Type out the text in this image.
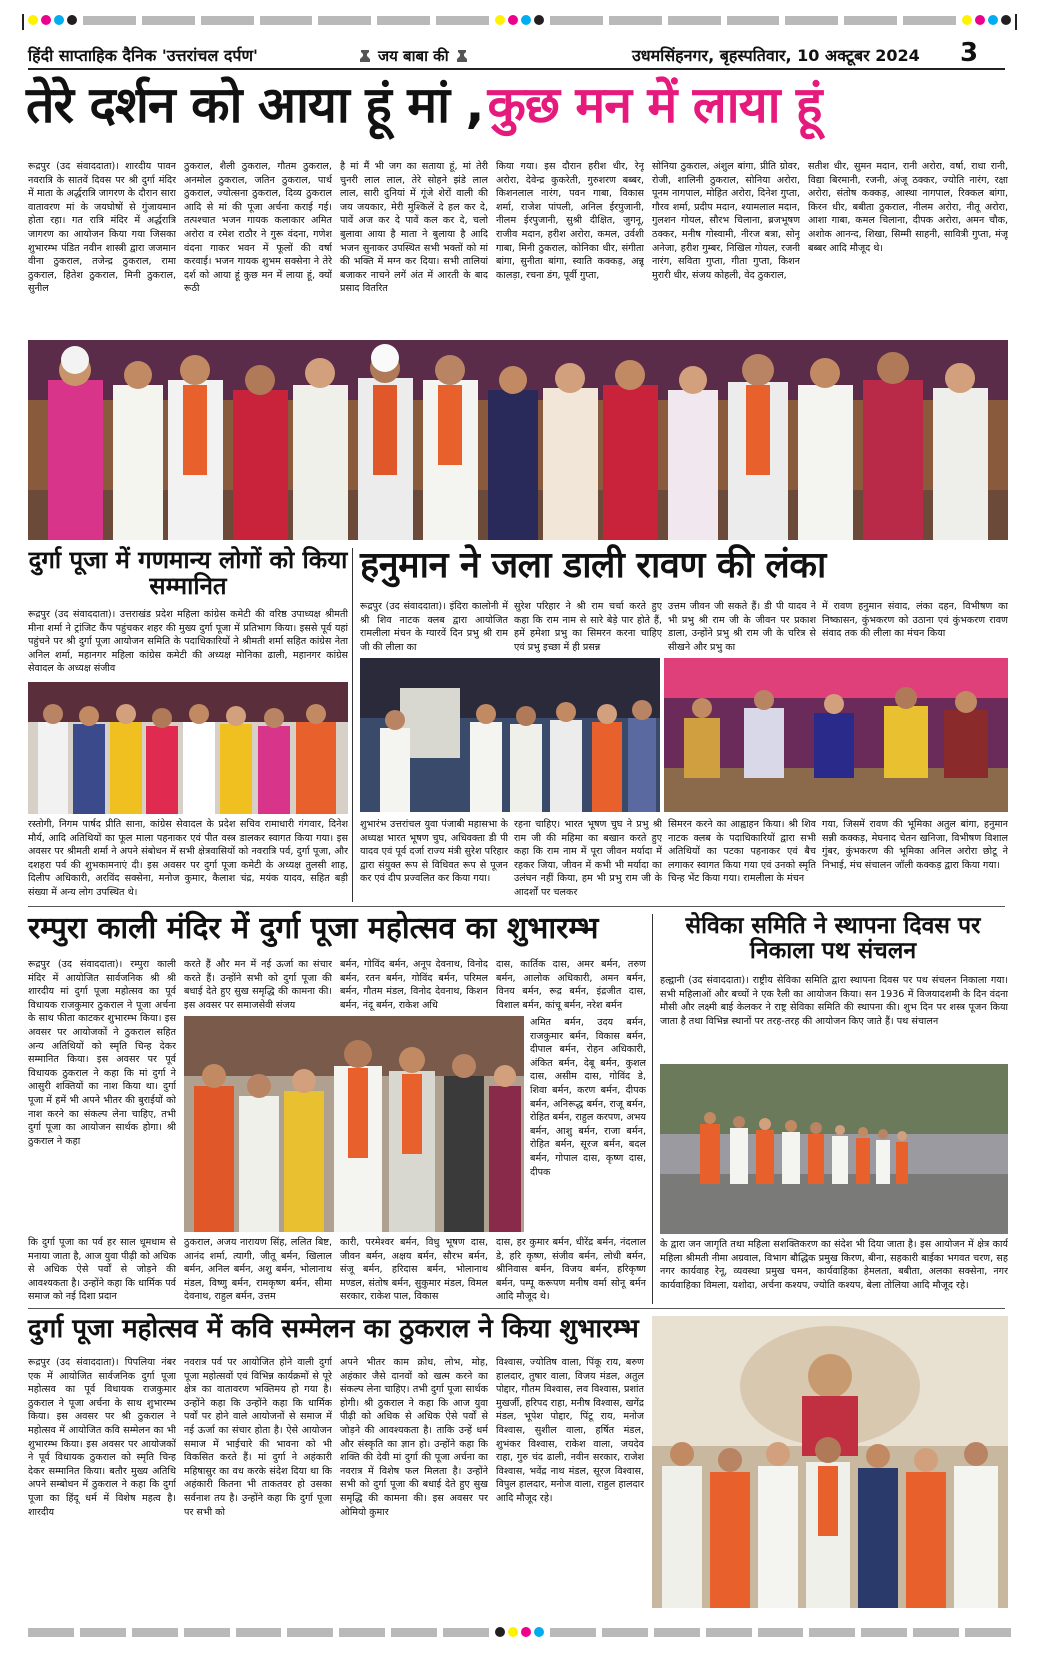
हिंदी साप्ताहिक दैनिक 'उत्तरांचल दर्पण'	जय बाबा की	उधमसिंहनगर, बृहस्पतिवार, 10 अक्टूबर 2024 3
तेरे दर्शन को आया हूं मां ,कुछ मन में लाया हूं
रूद्रपुर (उद संवाददाता)। शारदीय पावन नवरात्रि के सातवें दिवस पर श्री दुर्गा मंदिर में माता के अर्द्धरात्रि जागरण के दौरान सारा वातावरण मां के जयघोषों से गुंजायमान होता रहा। गत रात्रि मंदिर में अर्द्धरात्रि जागरण का आयोजन किया गया जिसका शुभारम्भ पंडित नवीन शास्त्री द्वारा जजमान वीना ठुकराल, तजेन्द्र ठुकराल, रामा ठुकराल, हितेश ठुकराल, मिनी ठुकराल, सुनील
ठुकराल, शैली ठुकराल, गौतम ठुकराल, अनमोल ठुकराल, जतिन ठुकराल, पार्थ ठुकराल, ज्योत्सना ठुकराल, दिव्य ठुकराल आदि से मां की पूजा अर्चना कराई गई। तत्पश्चात भजन गायक कलाकार अमित अरोरा व रमेश राठौर ने गुरू वंदना, गणेश वंदना गाकर भवन में फूलों की वर्षा करवाई। भजन गायक शुभम सक्सेना ने तेरे दर्श को आया हूं कुछ मन में लाया हूं, क्यों रूठी
है मां मैं भी जग का सताया हूं, मां तेरी चुनरी लाल लाल, तेरे सोहने झंडे लाल लाल, सारी दुनियां में गूंजे शेरों वाली की जय जयकार, मेरी मुश्किलें दे हल कर दे, पावें अज कर दे पावें कल कर दे, चलो बुलावा आया है माता ने बुलाया है आदि भजन सुनाकर उपस्थित सभी भक्तों को मां की भक्ति में मग्न कर दिया। सभी तालियां बजाकर नाचने लगें अंत में आरती के बाद प्रसाद वितरित
किया गया। इस दौरान हरीश धीर, रेनू अरोरा, देवेन्द्र कुकरेती, गुरुशरण बब्बर, किशनलाल नारंग, पवन गाबा, विकास शर्मा, राजेश पांपली, अनिल ईरपुजानी, नीलम ईरपुजानी, सुश्री दीक्षित, जुगनू, राजीव मदान, हरीश अरोरा, कमल, उर्वशी गाबा, मिनी ठुकराल, कोनिका धीर, संगीता बांगा, सुनीता बांगा, स्वाति कक्कड़, अन्नू कालड़ा, रचना डंग, पूर्वी गुप्ता,
सोनिया ठुकराल, अंशुल बांगा, प्रीति ग्रोवर, रोजी, शालिनी ठुकराल, सोनिया अरोरा, पूनम नागपाल, मोहित अरोरा, दिनेश गुप्ता, गौरव शर्मा, प्रदीप मदान, श्यामलाल मदान, गुलशन गोयल, सौरभ चिलाना, ब्रजभूषण ठक्कर, मनीष गोस्वामी, नीरज बत्रा, सोनू अनेजा, हरीश गुम्बर, निखिल गोयल, रजनी नारंग, सविता गुप्ता, गीता गुप्ता, किशन मुरारी धीर, संजय कोहली, वेद ठुकराल,
सतीश धीर, सुमन मदान, रानी अरोरा, वर्षा, राधा रानी, विद्या बिरमानी, रजनी, अंजू ठक्कर, ज्योति नारंग, रक्षा अरोरा, संतोष कक्कड़, आस्था नागपाल, रिक्कल बांगा, किरन धीर, बबीता ठुकराल, नीलम अरोरा, नीतू अरोरा, आशा गाबा, कमल चिलाना, दीपक अरोरा, अमन चौक, अशोक आनन्द, शिखा, सिम्मी साहनी, सावित्री गुप्ता, मंजू बब्बर आदि मौजूद थे।
दुर्गा पूजा में गणमान्य लोगों को किया सम्मानित
रूद्रपुर (उद संवाददाता)। उत्तराखंड प्रदेश महिला कांग्रेस कमेटी की वरिष्ठ उपाध्यक्ष श्रीमती मीना शर्मा ने ट्रांजिट कैंप पहुंचकर शहर की मुख्य दुर्गा पूजा में प्रतिभाग किया। इससे पूर्व यहां पहुंचने पर श्री दुर्गा पूजा आयोजन समिति के पदाधिकारियों ने श्रीमती शर्मा सहित कांग्रेस नेता अनिल शर्मा, महानगर महिला कांग्रेस कमेटी की अध्यक्ष मोनिका ढाली, महानगर कांग्रेस सेवादल के अध्यक्ष संजीव
रस्तोगी, निगम पार्षद प्रीति साना, कांग्रेस सेवादल के प्रदेश सचिव रामाधारी गंगवार, दिनेश मौर्य, आदि अतिथियों का फूल माला पहनाकर एवं पीत वस्त्र डालकर स्वागत किया गया। इस अवसर पर श्रीमती शर्मा ने अपने संबोधन में सभी क्षेत्रवासियों को नवरात्रि पर्व, दुर्गा पूजा, और दशहरा पर्व की शुभकामनाएं दी। इस अवसर पर दुर्गा पूजा कमेटी के अध्यक्ष तुलसी शाह, दिलीप अधिकारी, अरविंद सक्सेना, मनोज कुमार, कैलाश चंद्र, मयंक यादव, सहित बड़ी संख्या में अन्य लोग उपस्थित थे।
हनुमान ने जला डाली रावण की लंका
रूद्रपुर (उद संवाददाता)। इंदिरा कालोनी में श्री शिव नाटक क्लब द्वारा आयोजित रामलीला मंचन के ग्यारवें दिन प्रभु श्री राम जी की लीला का
सुरेश परिहार ने श्री राम चर्चा करते हुए कहा कि राम नाम से सारे बेड़े पार होते हैं, हमें हमेशा प्रभु का सिमरन करना चाहिए एवं प्रभु इच्छा में ही प्रसन्न
उत्तम जीवन जी सकते हैं। डी पी यादव ने भी प्रभु श्री राम जी के जीवन पर प्रकाश डाला, उन्होंने प्रभु श्री राम जी के चरित्र से सीखने और प्रभु का
में रावण हनुमान संवाद, लंका दहन, विभीषण का निष्कासन, कुंभकरण को उठाना एवं कुंभकरण रावण संवाद तक की लीला का मंचन किया
शुभारंभ उत्तरांचल युवा पंजाबी महासभा के अध्यक्ष भारत भूषण चुघ, अधिवक्ता डी पी यादव एवं पूर्व दर्जा राज्य मंत्री सुरेश परिहार द्वारा संयुक्त रूप से विधिवत रूप से पूजन कर एवं दीप प्रज्वलित कर किया गया।
रहना चाहिए। भारत भूषण चुघ ने प्रभु श्री राम जी की महिमा का बखान करते हुए कहा कि राम नाम में पूरा जीवन मर्यादा में रहकर जिया, जीवन में कभी भी मर्यादा का उलंघन नहीं किया, हम भी प्रभु राम जी के आदर्शों पर चलकर
सिमरन करने का आह्वाहन किया। श्री शिव नाटक क्लब के पदाधिकारियों द्वारा सभी अतिथियों का पटका पहनाकर एवं बैच लगाकर स्वागत किया गया एवं उनको स्मृति चिन्ह भेंट किया गया। रामलीला के मंचन
गया, जिसमें रावण की भूमिका अतुल बांगा, हनुमान सन्नी कक्कड़, मेघनाद चेतन खनिजा, विभीषण विशाल गुंबर, कुंभकरण की भूमिका अनिल अरोरा छोटू ने निभाई, मंच संचालन जॉली कक्कड़ द्वारा किया गया।
रम्पुरा काली मंदिर में दुर्गा पूजा महोत्सव का शुभारम्भ
रूद्रपुर (उद संवाददाता)। रम्पुरा काली मंदिर में आयोजित सार्वजनिक श्री श्री शारदीय मां दुर्गा पूजा महोत्सव का पूर्व विधायक राजकुमार ठुकराल ने पूजा अर्चना के साथ फीता काटकर शुभारम्भ किया। इस अवसर पर आयोजकों ने ठुकराल सहित अन्य अतिथियों को स्मृति चिन्ह देकर सम्मानित किया। इस अवसर पर पूर्व विधायक ठुकराल ने कहा कि मां दुर्गा ने आसुरी शक्तियों का नाश किया था। दुर्गा पूजा में हमें भी अपने भीतर की बुराईयों को नाश करने का संकल्प लेना चाहिए, तभी दुर्गा पूजा का आयोजन सार्थक होगा। श्री ठुकराल ने कहा
करते हैं और मन में नई ऊर्जा का संचार करते हैं। उन्होंने सभी को दुर्गा पूजा की बधाई देते हुए सुख समृद्धि की कामना की। इस अवसर पर समाजसेवी संजय
बर्मन, गोविंद बर्मन, अनूप देवनाथ, विनोद बर्मन, रतन बर्मन, गोविंद बर्मन, परिमल बर्मन, गौतम मंडल, विनोद देवनाथ, किशन बर्मन, नंदू बर्मन, राकेश अधि
दास, कार्तिक दास, अमर बर्मन, तरुण बर्मन, आलोक अधिकारी, अमन बर्मन, विनय बर्मन, रूद्र बर्मन, इंद्रजीत दास, विशाल बर्मन, कांचू बर्मन, नरेश बर्मन
अमित बर्मन, उदय बर्मन, राजकुमार बर्मन, विकास बर्मन, दीपाल बर्मन, रोहन अधिकारी, अंकित बर्मन, देबू बर्मन, कुशल दास, असीम दास, गोविंद डे, शिवा बर्मन, करण बर्मन, दीपक बर्मन, अनिरूद्ध बर्मन, राजू बर्मन, रोहित बर्मन, राहुल करपण, अभय बर्मन, आशु बर्मन, राजा बर्मन, रोहित बर्मन, सूरज बर्मन, बदल बर्मन, गोपाल दास, कृष्ण दास, दीपक
कि दुर्गा पूजा का पर्व हर साल धूमधाम से मनाया जाता है, आज युवा पीढ़ी को अधिक से अधिक ऐसे पर्वों से जोड़ने की आवश्यकता है। उन्होंने कहा कि धार्मिक पर्व समाज को नई दिशा प्रदान
ठुकराल, अजय नारायण सिंह, ललित बिष्ट, आनंद शर्मा, त्यागी, जीतू बर्मन, खिलाल बर्मन, अनिल बर्मन, अशु बर्मन, भोलानाथ मंडल, विष्णु बर्मन, रामकृष्ण बर्मन, सीमा देवनाथ, राहुल बर्मन, उत्तम
कारी, परमेश्वर बर्मन, विधु भूषण दास, जीवन बर्मन, अक्षय बर्मन, सौरभ बर्मन, संजू बर्मन, हरिदास बर्मन, भोलानाथ मण्डल, संतोष बर्मन, सुकुमार मंडल, विमल सरकार, राकेश पाल, विकास
दास, हर कुमार बर्मन, धीरेंद्र बर्मन, नंदलाल डे, हरि कृष्ण, संजीव बर्मन, लोधी बर्मन, श्रीनिवास बर्मन, विजय बर्मन, हरिकृष्ण बर्मन, पम्पू करूपण मनीष वर्मा सोनू बर्मन आदि मौजूद थे।
सेविका समिति ने स्थापना दिवस पर निकाला पथ संचलन
हल्द्वानी (उद संवाददाता)। राष्ट्रीय सेविका समिति द्वारा स्थापना दिवस पर पथ संचलन निकाला गया। सभी महिलाओं और बच्चों ने एक रैली का आयोजन किया। सन 1936 में विजयादशमी के दिन वंदना मौसी और लक्ष्मी बाई केलकर ने राष्ट्र सेविका समिति की स्थापना की। शुभ दिन पर शस्त्र पूजन किया जाता है तथा विभिन्न स्थानों पर तरह-तरह की आयोजन किए जाते हैं। पथ संचालन
के द्वारा जन जागृति तथा महिला सशक्तिकरण का संदेश भी दिया जाता है। इस आयोजन में क्षेत्र कार्य महिला श्रीमती नीमा अग्रवाल, विभाग बौद्धिक प्रमुख किरण, बीना, सहकारी बाईका भगवत चरण, सह नगर कार्यवाह रेनू, व्यवस्था प्रमुख चमन, कार्यवाहिका हेमलता, बबीता, अलका सक्सेना, नगर कार्यवाहिका विमला, यशोदा, अर्चना कश्यप, ज्योति कश्यप, बेला तोलिया आदि मौजूद रहे।
दुर्गा पूजा महोत्सव में कवि सम्मेलन का ठुकराल ने किया शुभारम्भ
रूद्रपुर (उद संवाददाता)। पिपलिया नंबर एक में आयोजित सार्वजनिक दुर्गा पूजा महोत्सव का पूर्व विधायक राजकुमार ठुकराल ने पूजा अर्चना के साथ शुभारम्भ किया। इस अवसर पर श्री ठुकराल ने महोत्सव में आयोजित कवि सम्मेलन का भी शुभारम्भ किया। इस अवसर पर आयोजकों ने पूर्व विधायक ठुकराल को स्मृति चिन्ह देकर सम्मानित किया। बतौर मुख्य अतिथि अपने सम्बोधन में ठुकराल ने कहा कि दुर्गा पूजा का हिंदू धर्म में विशेष महत्व है। शारदीय
नवरात्र पर्व पर आयोजित होने वाली दुर्गा पूजा महोत्सवों एवं विभिन्न कार्यक्रमों से पूरे क्षेत्र का वातावरण भक्तिमय हो गया है। उन्होंने कहा कि उन्होंने कहा कि धार्मिक पर्वों पर होने वाले आयोजनों से समाज में नई ऊर्जा का संचार होता है। ऐसे आयोजन समाज में भाईचारे की भावना को भी विकसित करते हैं। मां दुर्गा ने अहंकारी महिषासुर का वध करके संदेश दिया था कि अहंकारी कितना भी ताकतवर हो उसका सर्वनाश तय है। उन्होंने कहा कि दुर्गा पूजा पर सभी को
अपने भीतर काम क्रोध, लोभ, मोह, अहंकार जैसे दानवों को खत्म करने का संकल्प लेना चाहिए। तभी दुर्गा पूजा सार्थक होगी। श्री ठुकराल ने कहा कि आज युवा पीढ़ी को अधिक से अधिक ऐसे पर्वों से जोड़ने की आवश्यकता है। ताकि उन्हें धर्म और संस्कृति का ज्ञान हो। उन्होंने कहा कि शक्ति की देवी मां दुर्गा की पूजा अर्चना का नवरात्र में विशेष फल मिलता है। उन्होंने सभी को दुर्गा पूजा की बधाई देते हुए सुख समृद्धि की कामना की। इस अवसर पर ओमियो कुमार
विश्वास, ज्योतिष वाला, पिंकू राय, बरुण हालदार, तुषार वाला, विजय मंडल, अतुल पोद्दार, गौतम विश्वास, लव विश्वास, प्रशांत मुखर्जी, हरिपद राहा, मनीष विश्वास, खगेंद्र मंडल, भूपेश पोद्दार, पिंटू राय, मनोज विश्वास, सुशील वाला, हर्षित मंडल, शुभंकर विश्वास, राकेश वाला, जयदेव राहा, गुरु चंद ढाली, नवीन सरकार, राजेश विश्वास, भवेंद्र नाथ मंडल, सूरज विश्वास, विपुल हालदार, मनोज वाला, राहुल हालदार आदि मौजूद रहे।
